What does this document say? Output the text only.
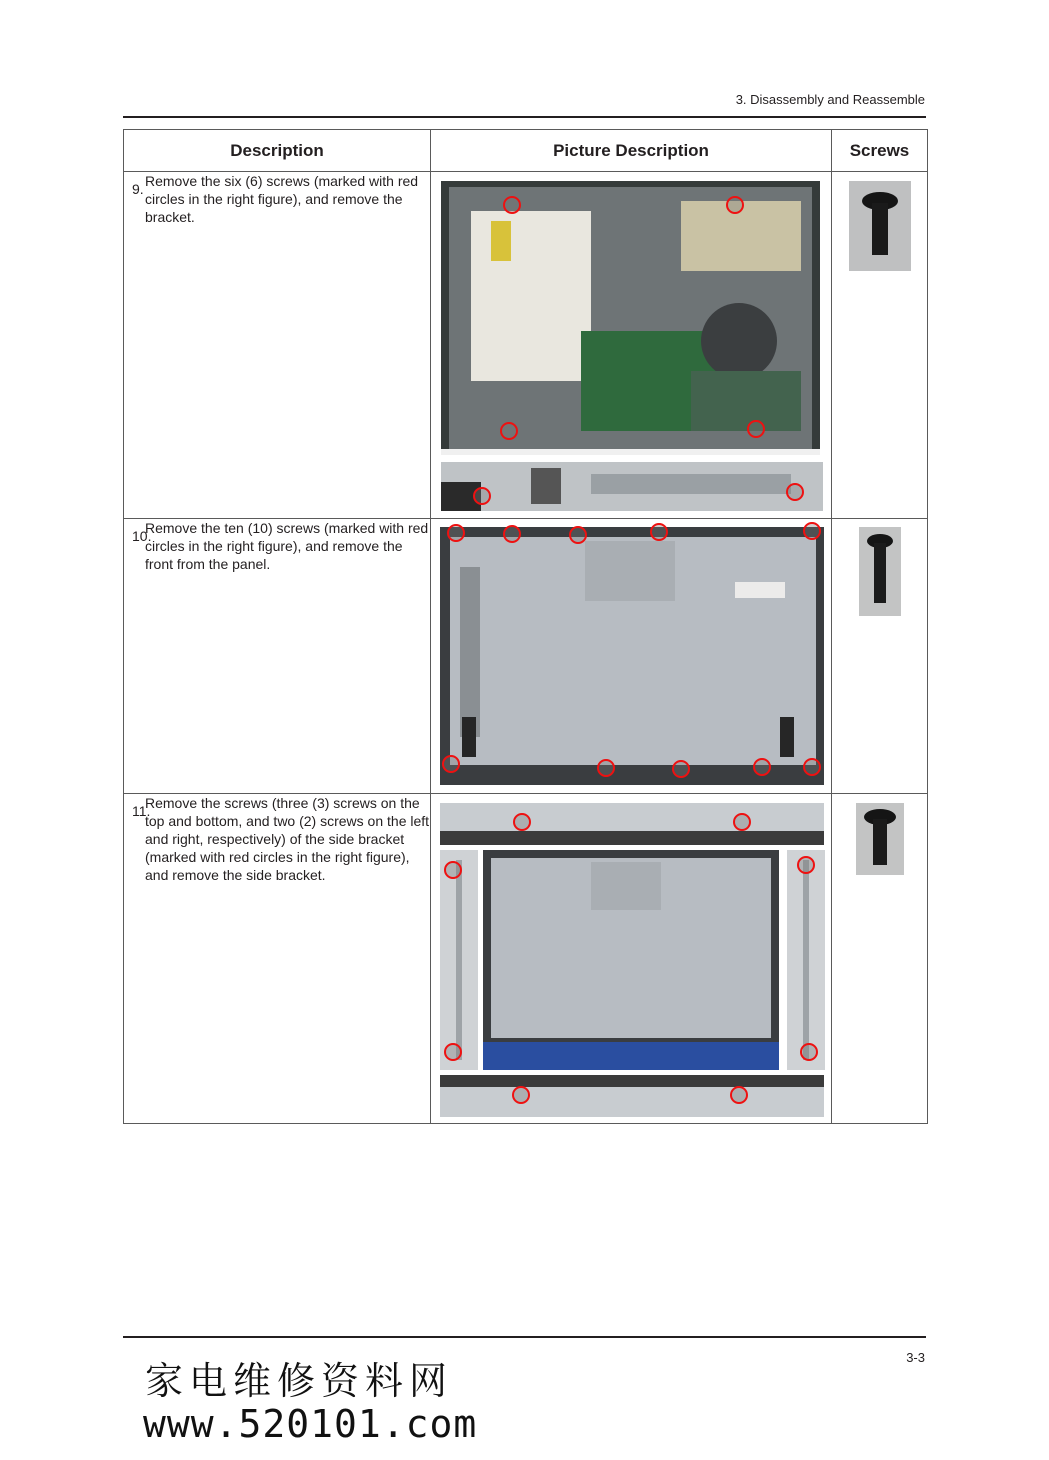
3. Disassembly and Reassemble
Description	Picture Description	Screws

9. Remove the six (6) screws (marked with red circles in the right figure), and remove the bracket.

10.
Remove the ten (10) screws (marked with red circles in the right figure), and remove the front from the panel.

11.
Remove the screws (three (3) screws on the top and bottom, and two (2) screws on the left and right, respectively) of the side bracket (marked with red circles in the right figure), and remove the side bracket.

3-3
家电维修资料网
www.520101.com
